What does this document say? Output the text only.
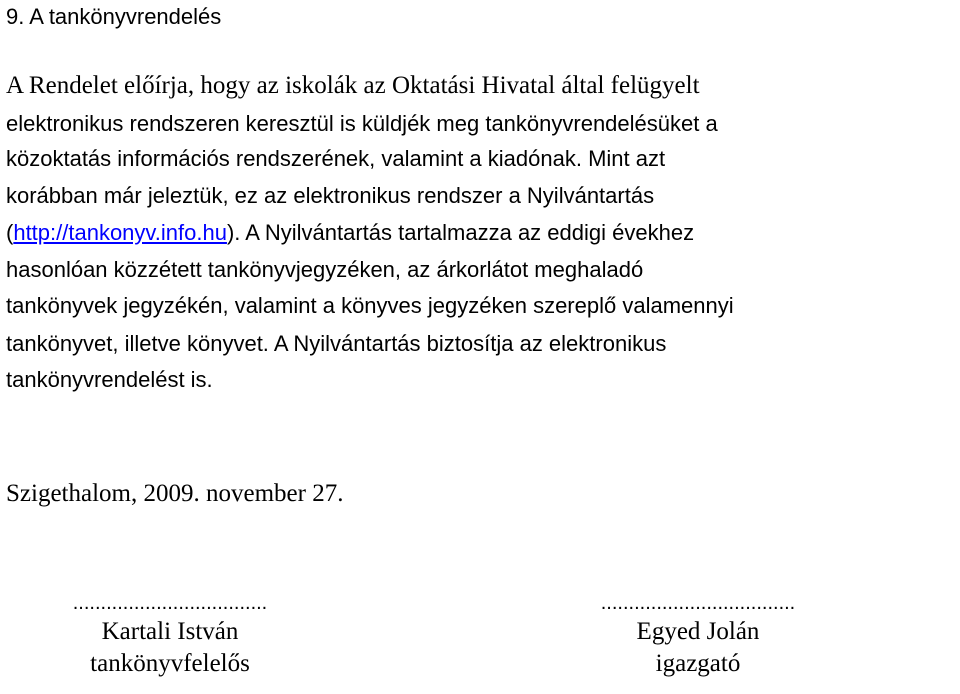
9. A tankönyvrendelés
A Rendelet előírja, hogy az iskolák az Oktatási Hivatal által felügyelt
elektronikus rendszeren keresztül is küldjék meg tankönyvrendelésüket a
közoktatás információs rendszerének, valamint a kiadónak. Mint azt
korábban már jeleztük, ez az elektronikus rendszer a Nyilvántartás
(http://tankonyv.info.hu). A Nyilvántartás tartalmazza az eddigi évekhez
hasonlóan közzétett tankönyvjegyzéken, az árkorlátot meghaladó
tankönyvek jegyzékén, valamint a könyves jegyzéken szereplő valamennyi
tankönyvet, illetve könyvet. A Nyilvántartás biztosítja az elektronikus
tankönyvrendelést is.
Szigethalom, 2009. november 27.
...................................
Kartali István
tankönyvfelelős
...................................
Egyed Jolán
igazgató
